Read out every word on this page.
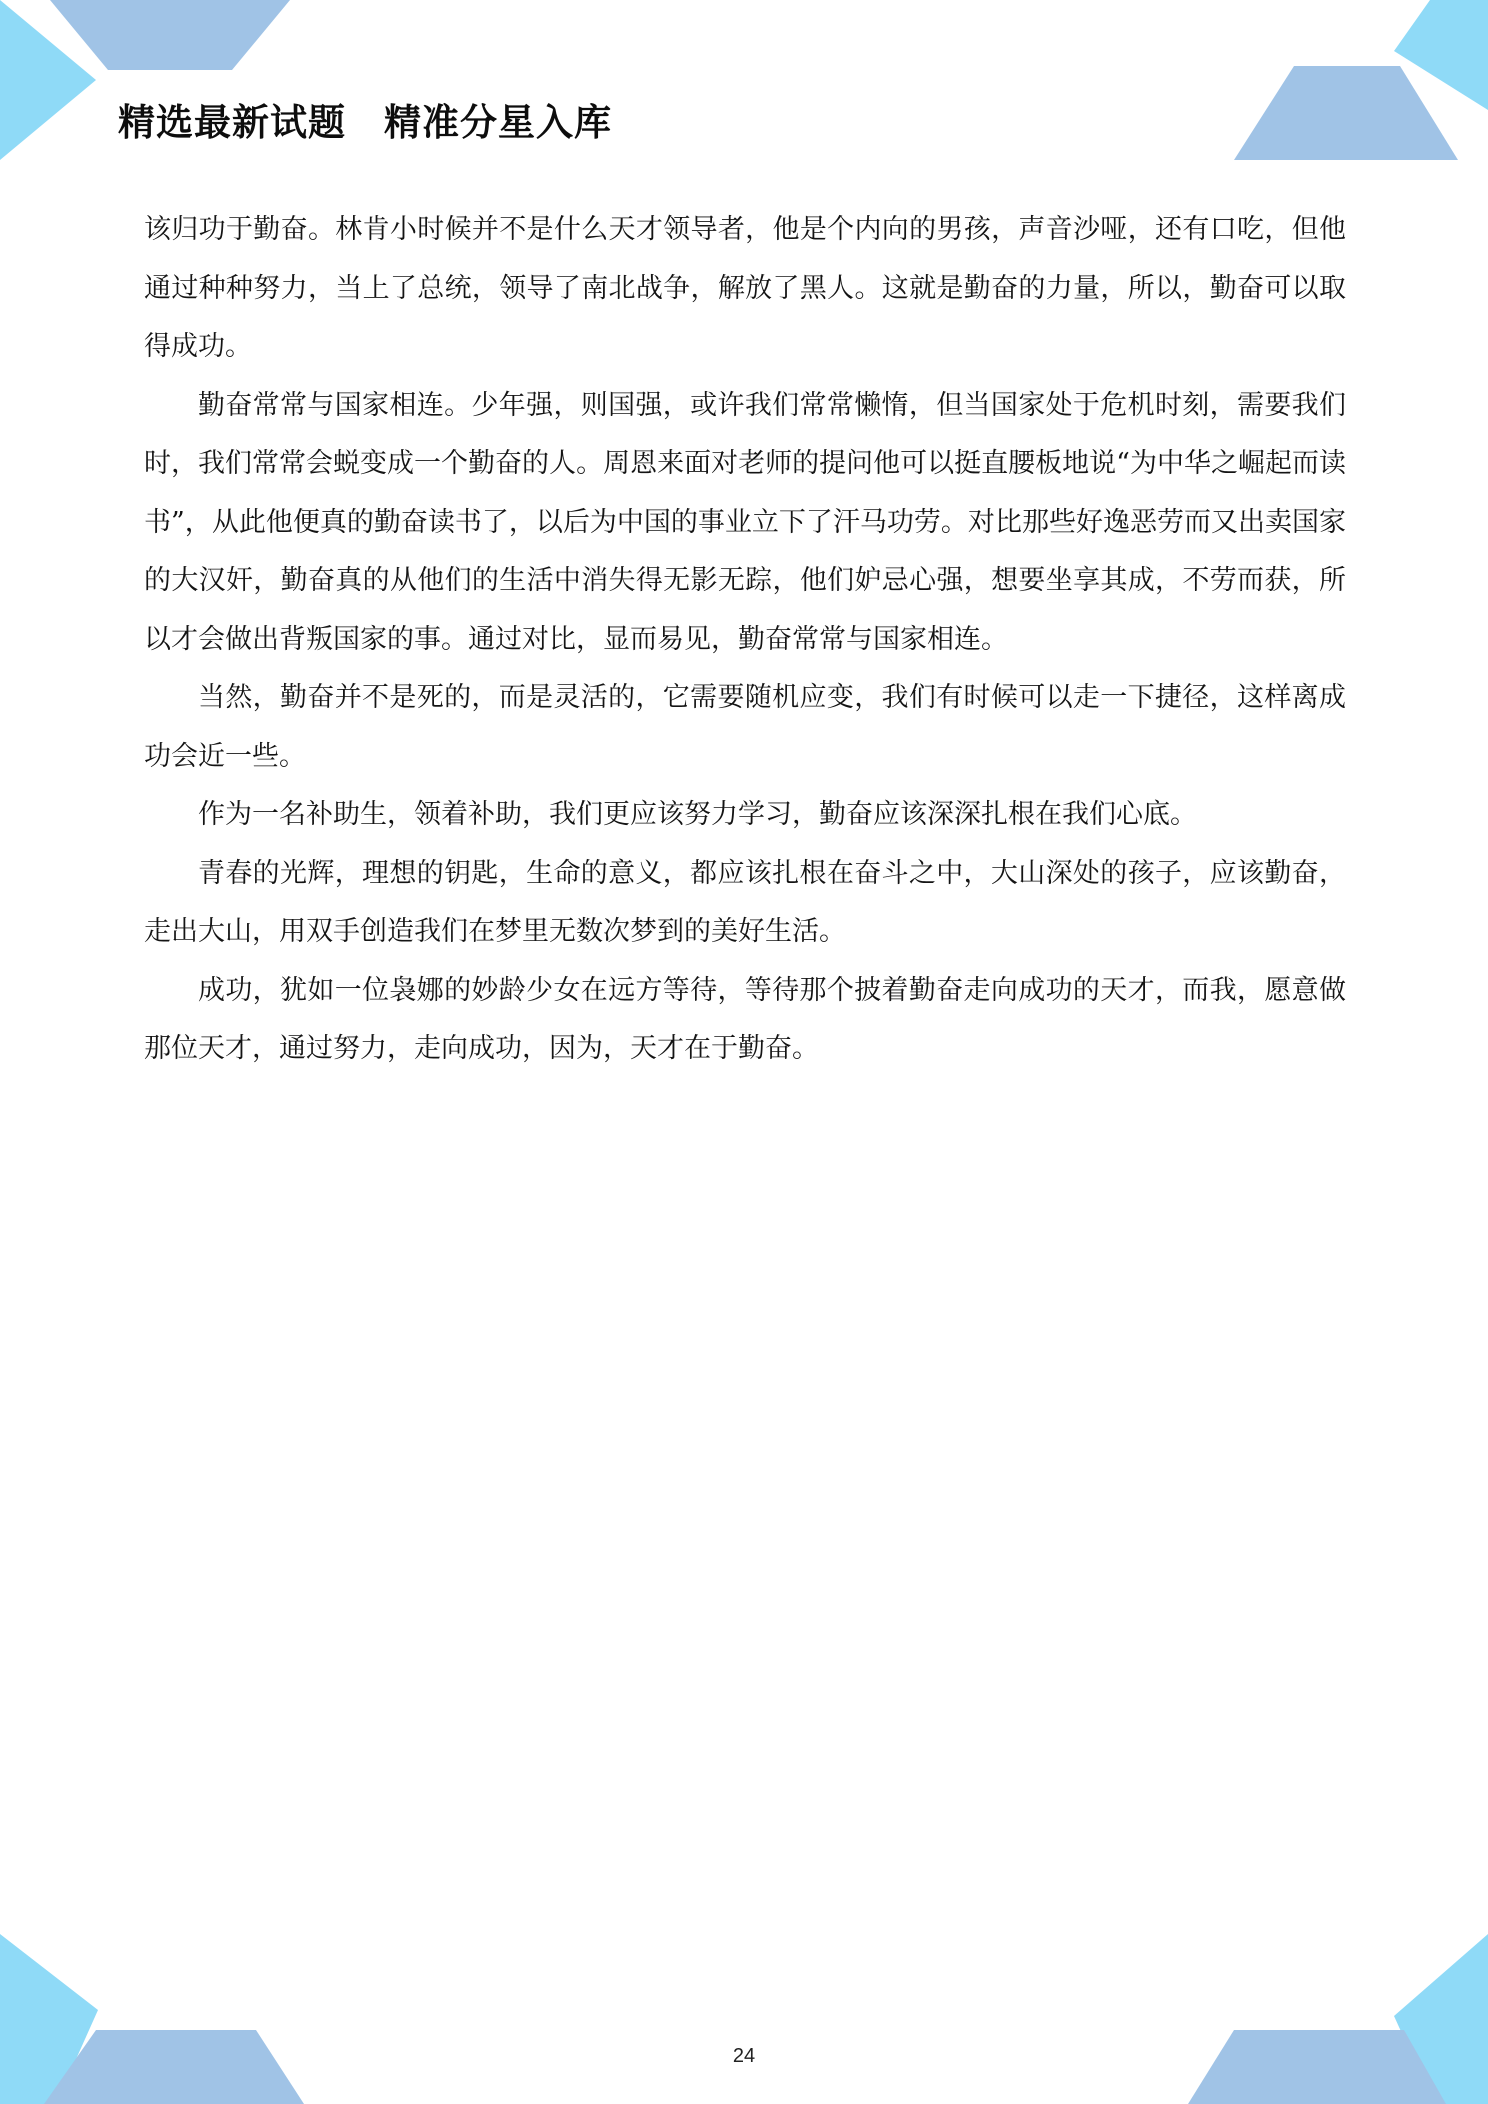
精选最新试题　精准分星入库

该归功于勤奋。林肯小时候并不是什么天才领导者，他是个内向的男孩，声音沙哑，还有口吃，但他通过种种努力，当上了总统，领导了南北战争，解放了黑人。这就是勤奋的力量，所以，勤奋可以取得成功。

勤奋常常与国家相连。少年强，则国强，或许我们常常懒惰，但当国家处于危机时刻，需要我们时，我们常常会蜕变成一个勤奋的人。周恩来面对老师的提问他可以挺直腰板地说“为中华之崛起而读书”，从此他便真的勤奋读书了，以后为中国的事业立下了汗马功劳。对比那些好逸恶劳而又出卖国家的大汉奸，勤奋真的从他们的生活中消失得无影无踪，他们妒忌心强，想要坐享其成，不劳而获，所以才会做出背叛国家的事。通过对比，显而易见，勤奋常常与国家相连。

当然，勤奋并不是死的，而是灵活的，它需要随机应变，我们有时候可以走一下捷径，这样离成功会近一些。

作为一名补助生，领着补助，我们更应该努力学习，勤奋应该深深扎根在我们心底。

青春的光辉，理想的钥匙，生命的意义，都应该扎根在奋斗之中，大山深处的孩子，应该勤奋，走出大山，用双手创造我们在梦里无数次梦到的美好生活。

成功，犹如一位袅娜的妙龄少女在远方等待，等待那个披着勤奋走向成功的天才，而我，愿意做那位天才，通过努力，走向成功，因为，天才在于勤奋。

24
